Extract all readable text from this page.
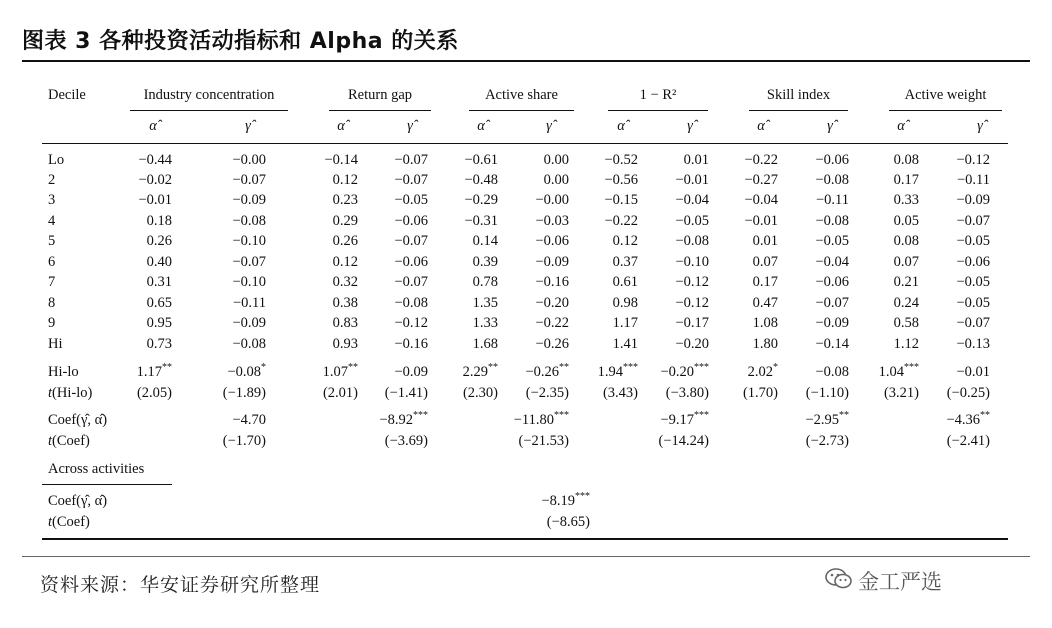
图表 3 各种投资活动指标和 Alpha 的关系
Decile	Industry concentration	Return gap	Active share	1 − R²	Skill index	Active weight
α̂	γ̂	α̂	γ̂	α̂	γ̂	α̂	γ̂	α̂	γ̂	α̂	γ̂
Lo	−0.44	−0.00	−0.14	−0.07	−0.61	0.00	−0.52	0.01	−0.22	−0.06	0.08	−0.12
2	−0.02	−0.07	0.12	−0.07	−0.48	0.00	−0.56	−0.01	−0.27	−0.08	0.17	−0.11
3	−0.01	−0.09	0.23	−0.05	−0.29	−0.00	−0.15	−0.04	−0.04	−0.11	0.33	−0.09
4	0.18	−0.08	0.29	−0.06	−0.31	−0.03	−0.22	−0.05	−0.01	−0.08	0.05	−0.07
5	0.26	−0.10	0.26	−0.07	0.14	−0.06	0.12	−0.08	0.01	−0.05	0.08	−0.05
6	0.40	−0.07	0.12	−0.06	0.39	−0.09	0.37	−0.10	0.07	−0.04	0.07	−0.06
7	0.31	−0.10	0.32	−0.07	0.78	−0.16	0.61	−0.12	0.17	−0.06	0.21	−0.05
8	0.65	−0.11	0.38	−0.08	1.35	−0.20	0.98	−0.12	0.47	−0.07	0.24	−0.05
9	0.95	−0.09	0.83	−0.12	1.33	−0.22	1.17	−0.17	1.08	−0.09	0.58	−0.07
Hi	0.73	−0.08	0.93	−0.16	1.68	−0.26	1.41	−0.20	1.80	−0.14	1.12	−0.13
Hi-lo	1.17**	−0.08*	1.07**	−0.09	2.29**	−0.26**	1.94***	−0.20***	2.02*	−0.08	1.04***	−0.01
t(Hi-lo)	(2.05)	(−1.89)	(2.01)	(−1.41)	(2.30)	(−2.35)	(3.43)	(−3.80)	(1.70)	(−1.10)	(3.21)	(−0.25)
Coef(γ̂, α̂)	−4.70	−8.92***	−11.80***	−9.17***	−2.95**	−4.36**
t(Coef)	(−1.70)	(−3.69)	(−21.53)	(−14.24)	(−2.73)	(−2.41)
Across activities
Coef(γ̂, α̂)	−8.19***
t(Coef)	(−8.65)
资料来源：华安证券研究所整理	金工严选
